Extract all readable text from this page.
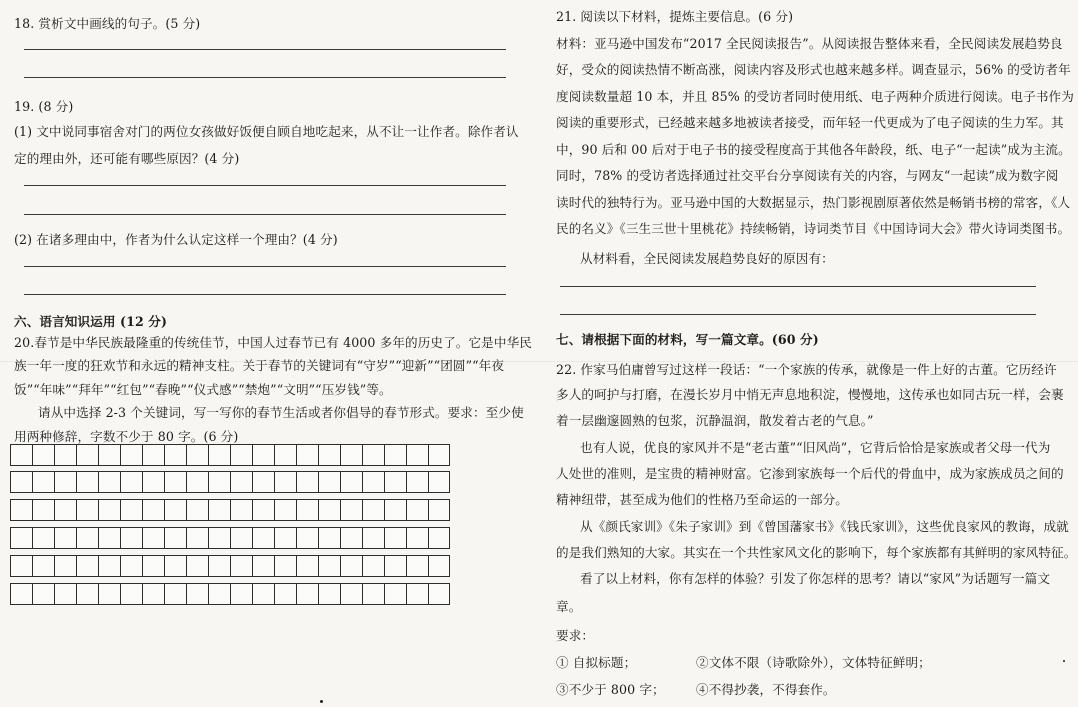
18. 赏析文中画线的句子。(5 分)
19. (8 分)
(1) 文中说同事宿舍对门的两位女孩做好饭便自顾自地吃起来，从不让一让作者。除作者认
定的理由外，还可能有哪些原因？(4 分)
(2) 在诸多理由中，作者为什么认定这样一个理由？(4 分)
六、语言知识运用 (12 分)
20.春节是中华民族最隆重的传统佳节，中国人过春节已有 4000 多年的历史了。它是中华民
族一年一度的狂欢节和永远的精神支柱。关于春节的关键词有“守岁”“迎新”“团圆”“年夜
饭”“年味”“拜年”“红包”“春晚”“仪式感”“禁炮”“文明”“压岁钱”等。
请从中选择 2-3 个关键词，写一写你的春节生活或者你倡导的春节形式。要求：至少使
用两种修辞，字数不少于 80 字。(6 分)
21. 阅读以下材料，提炼主要信息。(6 分)
材料：亚马逊中国发布“2017 全民阅读报告”。从阅读报告整体来看，全民阅读发展趋势良
好，受众的阅读热情不断高涨，阅读内容及形式也越来越多样。调查显示，56% 的受访者年
度阅读数量超 10 本，并且 85% 的受访者同时使用纸、电子两种介质进行阅读。电子书作为
阅读的重要形式，已经越来越多地被读者接受，而年轻一代更成为了电子阅读的生力军。其
中，90 后和 00 后对于电子书的接受程度高于其他各年龄段，纸、电子“一起读”成为主流。
同时，78% 的受访者选择通过社交平台分享阅读有关的内容，与网友“一起读”成为数字阅
读时代的独特行为。亚马逊中国的大数据显示，热门影视剧原著依然是畅销书榜的常客，《人
民的名义》《三生三世十里桃花》持续畅销，诗词类节目《中国诗词大会》带火诗词类图书。
从材料看，全民阅读发展趋势良好的原因有：
七、请根据下面的材料，写一篇文章。(60 分)
22. 作家马伯庸曾写过这样一段话：“一个家族的传承，就像是一件上好的古董。它历经许
多人的呵护与打磨，在漫长岁月中悄无声息地积淀，慢慢地，这传承也如同古玩一样，会裹
着一层幽邃圆熟的包浆，沉静温润，散发着古老的气息。”
也有人说，优良的家风并不是“老古董”“旧风尚”，它背后恰恰是家族或者父母一代为
人处世的准则，是宝贵的精神财富。它渗到家族每一个后代的骨血中，成为家族成员之间的
精神纽带，甚至成为他们的性格乃至命运的一部分。
从《颜氏家训》《朱子家训》到《曾国藩家书》《钱氏家训》，这些优良家风的教诲，成就
的是我们熟知的大家。其实在一个共性家风文化的影响下，每个家族都有其鲜明的家风特征。
看了以上材料，你有怎样的体验？引发了你怎样的思考？请以“家风”为话题写一篇文
章。
要求：
① 自拟标题；	②文体不限（诗歌除外），文体特征鲜明；
③不少于 800 字； ④不得抄袭，不得套作。
